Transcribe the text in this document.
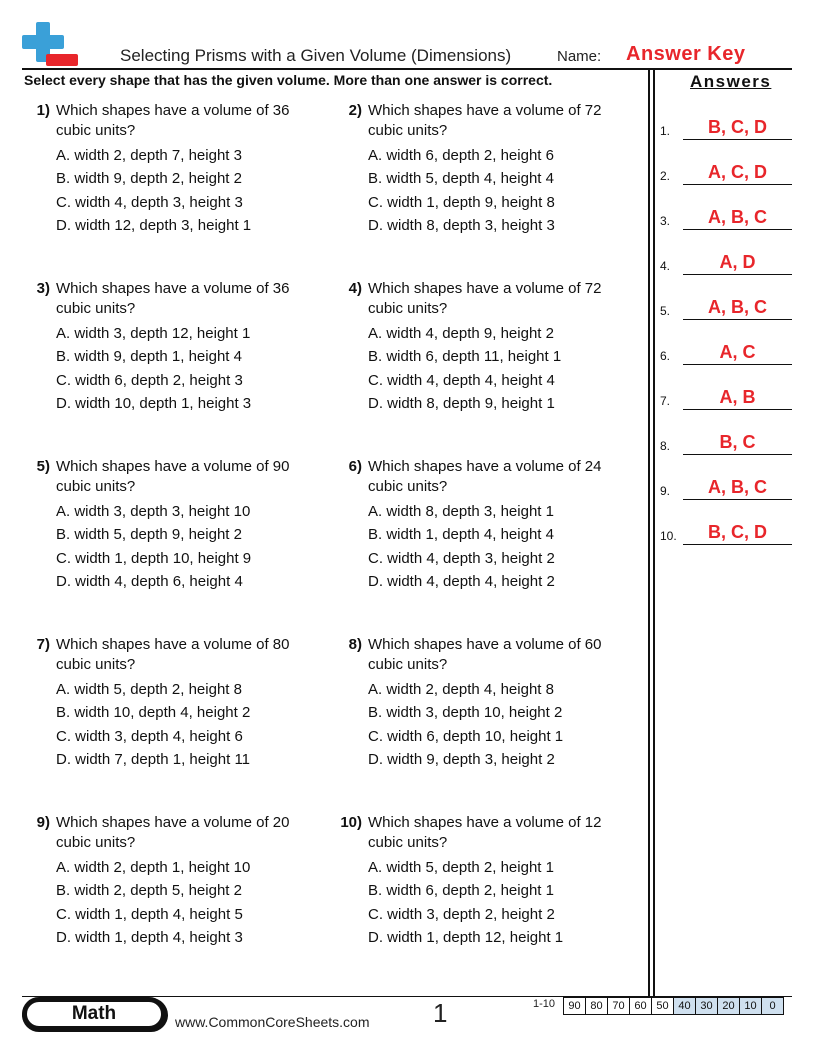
Selecting Prisms with a Given Volume (Dimensions)	Name: Answer Key
Select every shape that has the given volume. More than one answer is correct.	Answers
1) Which shapes have a volume of 36 cubic units?
A. width 2, depth 7, height 3
B. width 9, depth 2, height 2
C. width 4, depth 3, height 3
D. width 12, depth 3, height 1
2) Which shapes have a volume of 72 cubic units?
A. width 6, depth 2, height 6
B. width 5, depth 4, height 4
C. width 1, depth 9, height 8
D. width 8, depth 3, height 3
3) Which shapes have a volume of 36 cubic units?
A. width 3, depth 12, height 1
B. width 9, depth 1, height 4
C. width 6, depth 2, height 3
D. width 10, depth 1, height 3
4) Which shapes have a volume of 72 cubic units?
A. width 4, depth 9, height 2
B. width 6, depth 11, height 1
C. width 4, depth 4, height 4
D. width 8, depth 9, height 1
5) Which shapes have a volume of 90 cubic units?
A. width 3, depth 3, height 10
B. width 5, depth 9, height 2
C. width 1, depth 10, height 9
D. width 4, depth 6, height 4
6) Which shapes have a volume of 24 cubic units?
A. width 8, depth 3, height 1
B. width 1, depth 4, height 4
C. width 4, depth 3, height 2
D. width 4, depth 4, height 2
7) Which shapes have a volume of 80 cubic units?
A. width 5, depth 2, height 8
B. width 10, depth 4, height 2
C. width 3, depth 4, height 6
D. width 7, depth 1, height 11
8) Which shapes have a volume of 60 cubic units?
A. width 2, depth 4, height 8
B. width 3, depth 10, height 2
C. width 6, depth 10, height 1
D. width 9, depth 3, height 2
9) Which shapes have a volume of 20 cubic units?
A. width 2, depth 1, height 10
B. width 2, depth 5, height 2
C. width 1, depth 4, height 5
D. width 1, depth 4, height 3
10) Which shapes have a volume of 12 cubic units?
A. width 5, depth 2, height 1
B. width 6, depth 2, height 1
C. width 3, depth 2, height 2
D. width 1, depth 12, height 1
1.	B, C, D
2.	A, C, D
3.	A, B, C
4.	A, D
5.	A, B, C
6.	A, C
7.	A, B
8.	B, C
9.	A, B, C
10.	B, C, D
Math	www.CommonCoreSheets.com 1	1-10	90 80 70 60 50 40 30 20 10	0
